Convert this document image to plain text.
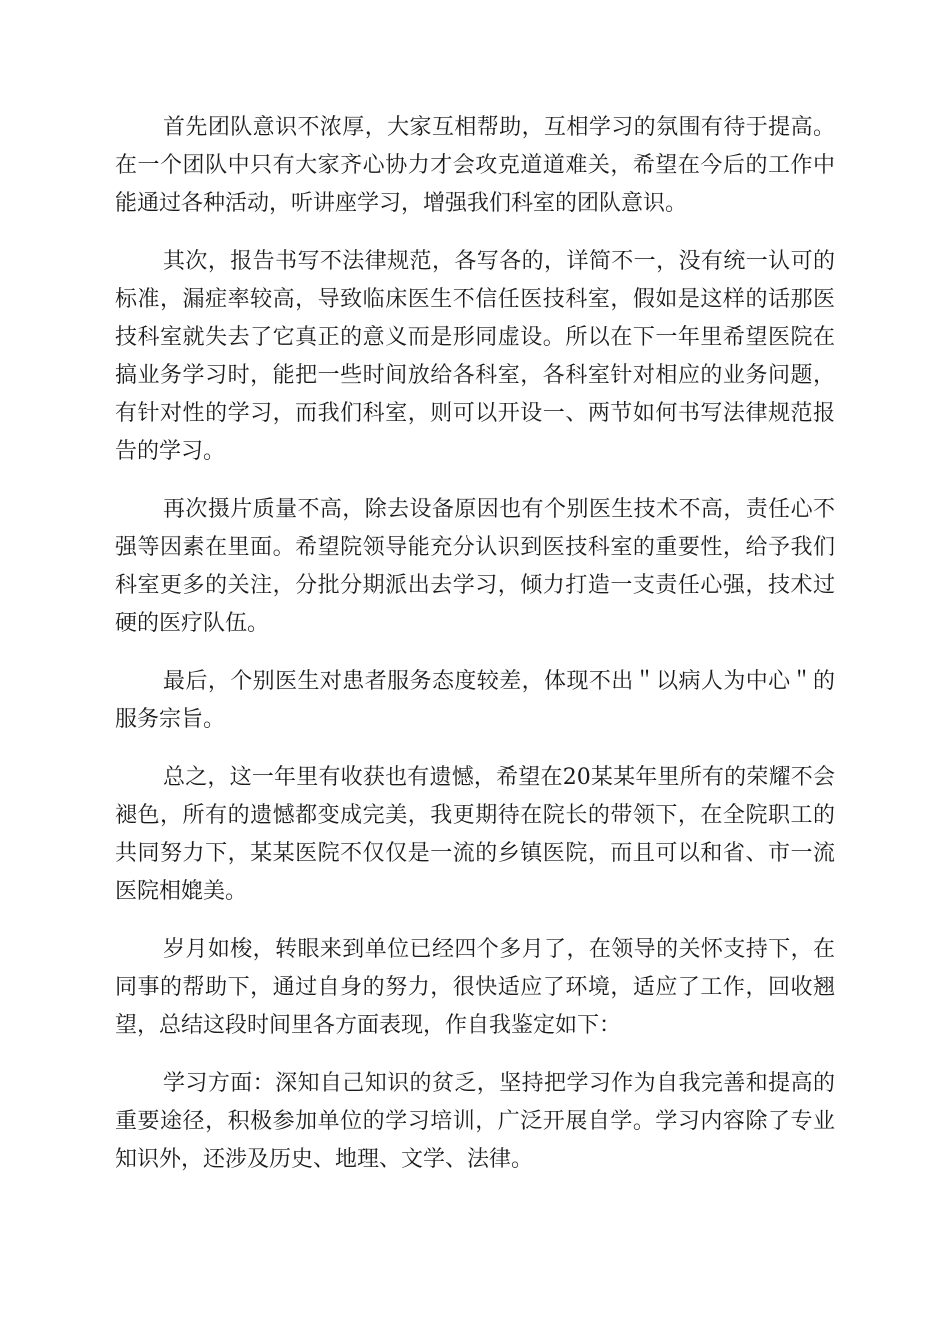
首先团队意识不浓厚，大家互相帮助，互相学习的氛围有待于提高。在一个团队中只有大家齐心协力才会攻克道道难关，希望在今后的工作中能通过各种活动，听讲座学习，增强我们科室的团队意识。

其次，报告书写不法律规范，各写各的，详简不一，没有统一认可的标准，漏症率较高，导致临床医生不信任医技科室，假如是这样的话那医技科室就失去了它真正的意义而是形同虚设。所以在下一年里希望医院在搞业务学习时，能把一些时间放给各科室，各科室针对相应的业务问题，有针对性的学习，而我们科室，则可以开设一、两节如何书写法律规范报告的学习。

再次摄片质量不高，除去设备原因也有个别医生技术不高，责任心不强等因素在里面。希望院领导能充分认识到医技科室的重要性，给予我们科室更多的关注，分批分期派出去学习，倾力打造一支责任心强，技术过硬的医疗队伍。

最后，个别医生对患者服务态度较差，体现不出＂以病人为中心＂的服务宗旨。

总之，这一年里有收获也有遗憾，希望在20某某年里所有的荣耀不会褪色，所有的遗憾都变成完美，我更期待在院长的带领下，在全院职工的共同努力下，某某医院不仅仅是一流的乡镇医院，而且可以和省、市一流医院相媲美。

岁月如梭，转眼来到单位已经四个多月了，在领导的关怀支持下，在同事的帮助下，通过自身的努力，很快适应了环境，适应了工作，回收翘望，总结这段时间里各方面表现，作自我鉴定如下：

学习方面：深知自己知识的贫乏，坚持把学习作为自我完善和提高的重要途径，积极参加单位的学习培训，广泛开展自学。学习内容除了专业知识外，还涉及历史、地理、文学、法律。
